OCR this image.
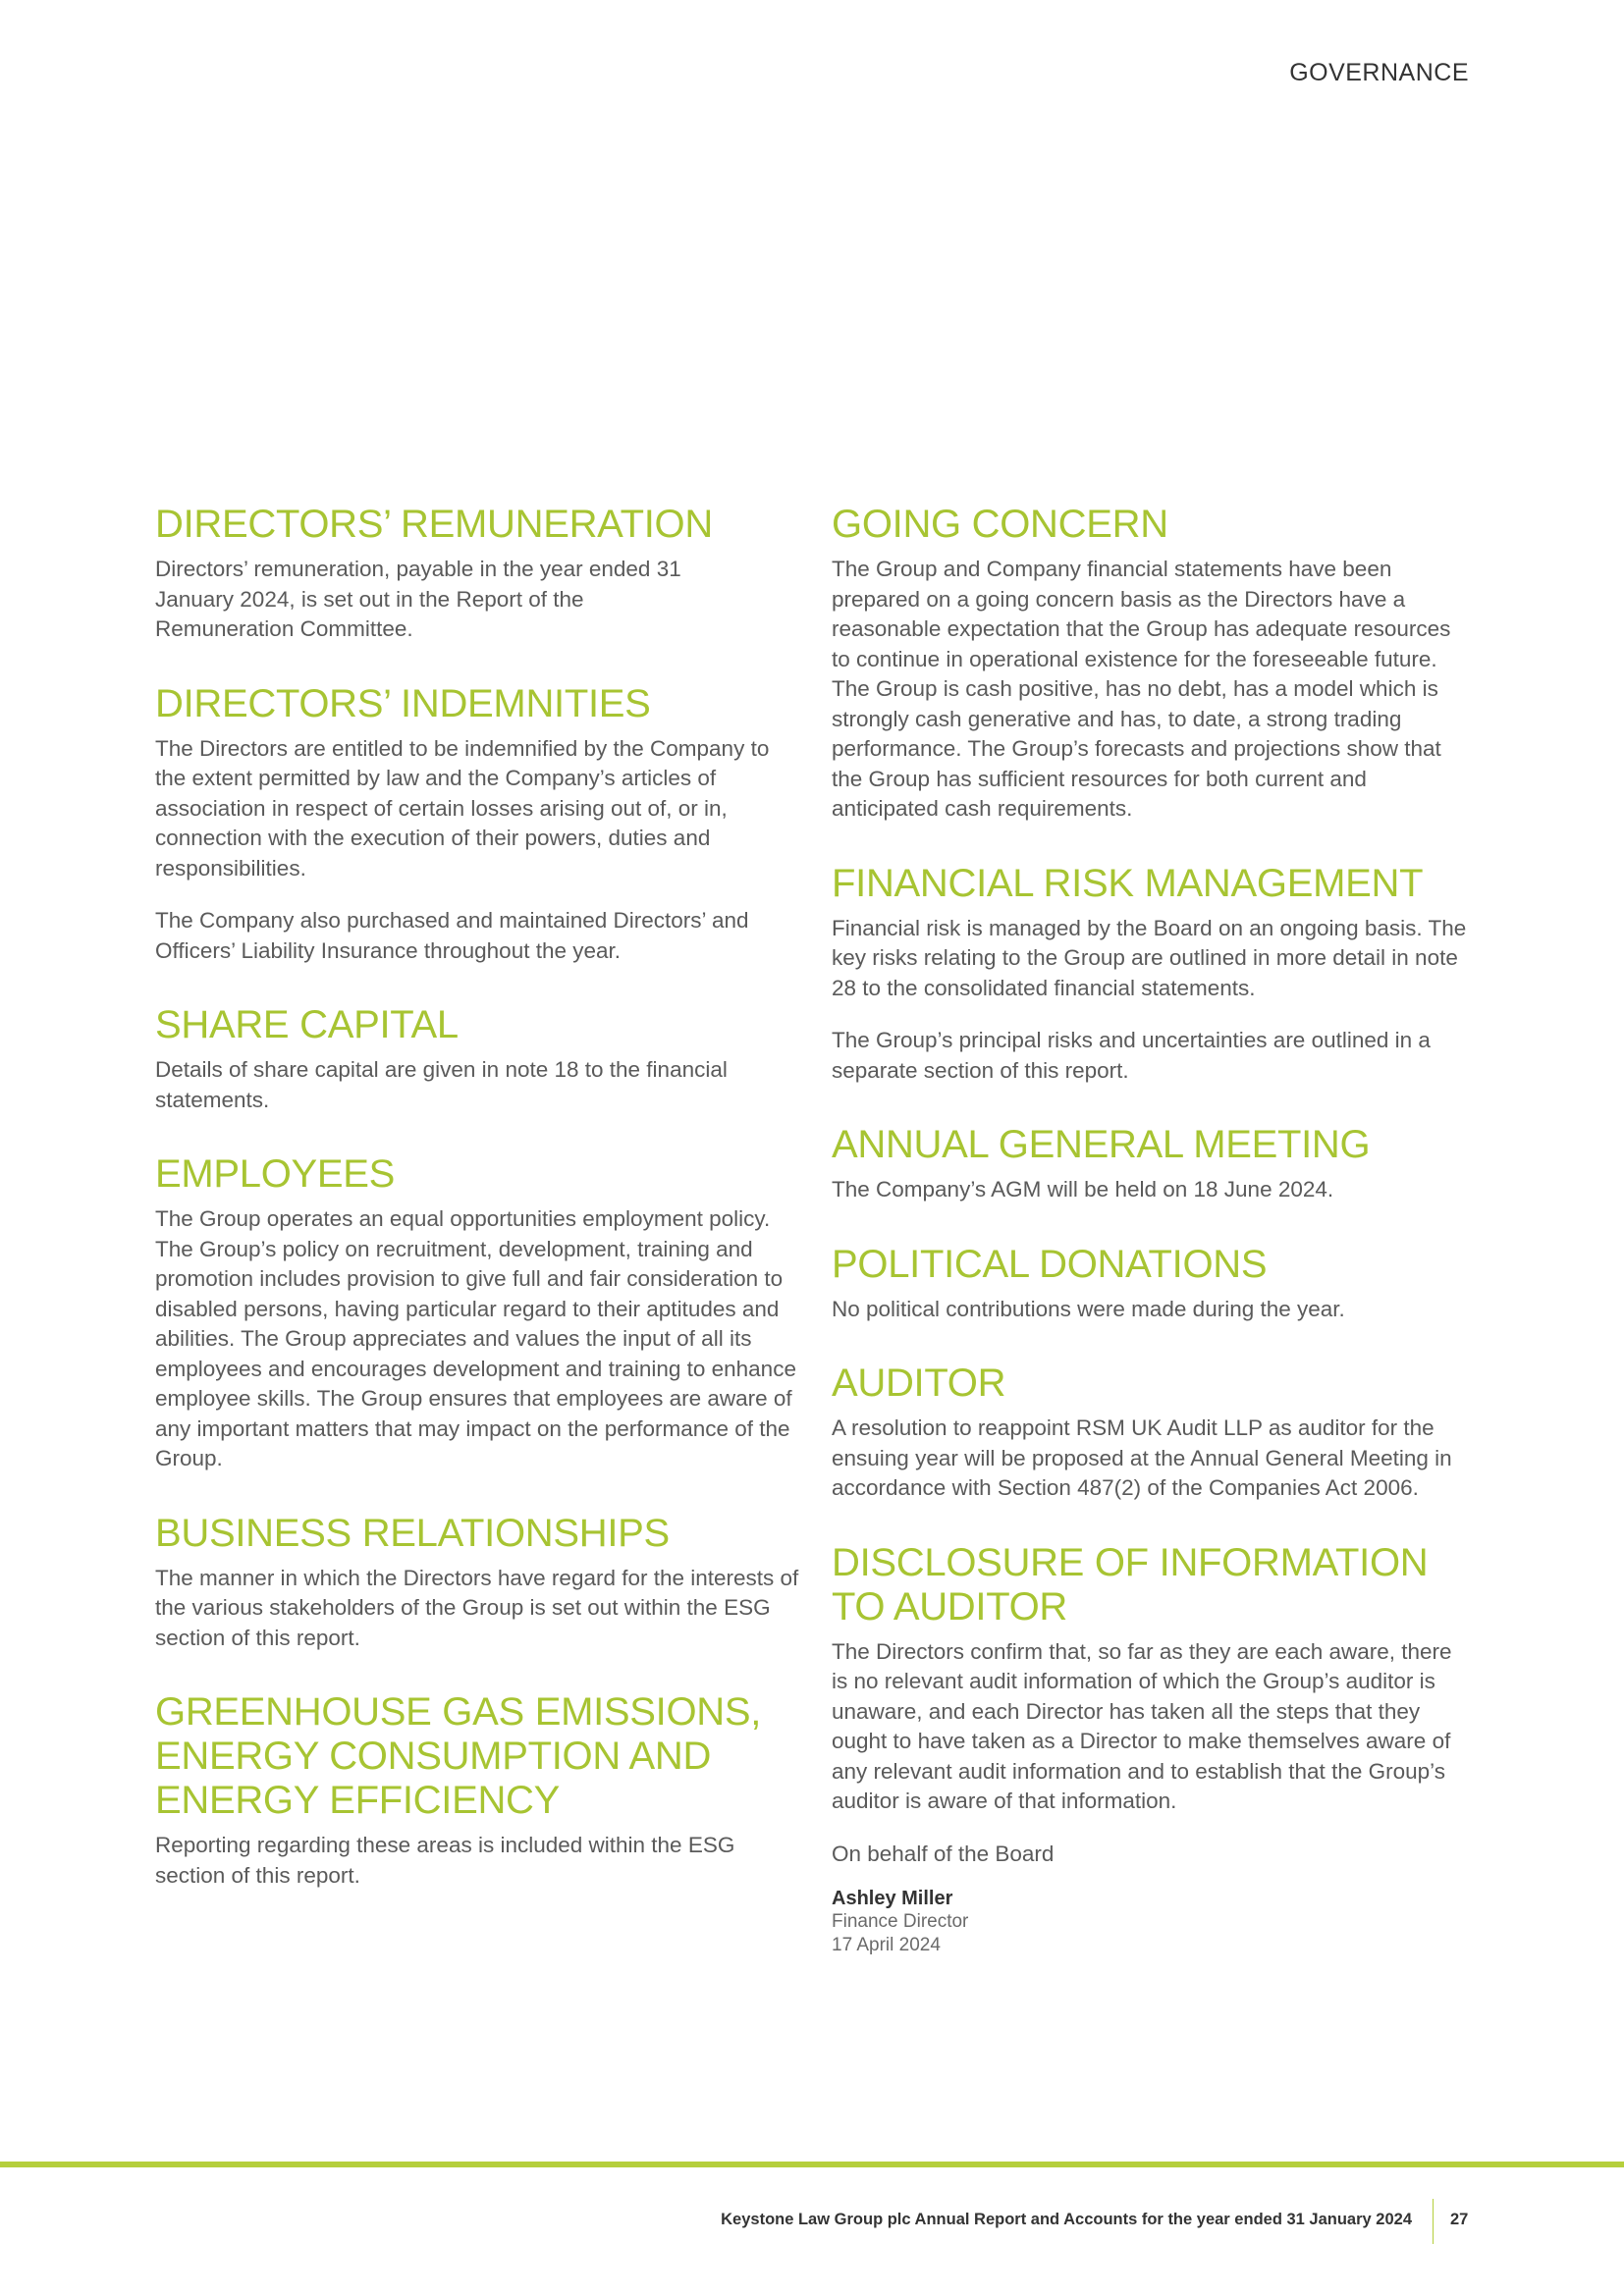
GOVERNANCE
DIRECTORS’ REMUNERATION

Directors’ remuneration, payable in the year ended 31 January 2024, is set out in the Report of the Remuneration Committee.

DIRECTORS’ INDEMNITIES

The Directors are entitled to be indemnified by the Company to the extent permitted by law and the Company’s articles of association in respect of certain losses arising out of, or in, connection with the execution of their powers, duties and responsibilities.

The Company also purchased and maintained Directors’ and Officers’ Liability Insurance throughout the year.

SHARE CAPITAL

Details of share capital are given in note 18 to the financial statements.

EMPLOYEES

The Group operates an equal opportunities employment policy. The Group’s policy on recruitment, development, training and promotion includes provision to give full and fair consideration to disabled persons, having particular regard to their aptitudes and abilities. The Group appreciates and values the input of all its employees and encourages development and training to enhance employee skills. The Group ensures that employees are aware of any important matters that may impact on the performance of the Group.

BUSINESS RELATIONSHIPS

The manner in which the Directors have regard for the interests of the various stakeholders of the Group is set out within the ESG section of this report.

GREENHOUSE GAS EMISSIONS,
ENERGY CONSUMPTION AND
ENERGY EFFICIENCY

Reporting regarding these areas is included within the ESG section of this report.

GOING CONCERN

The Group and Company financial statements have been prepared on a going concern basis as the Directors have a reasonable expectation that the Group has adequate resources to continue in operational existence for the foreseeable future. The Group is cash positive, has no debt, has a model which is strongly cash generative and has, to date, a strong trading performance. The Group’s forecasts and projections show that the Group has sufficient resources for both current and anticipated cash requirements.

FINANCIAL RISK MANAGEMENT

Financial risk is managed by the Board on an ongoing basis. The key risks relating to the Group are outlined in more detail in note 28 to the consolidated financial statements.

The Group’s principal risks and uncertainties are outlined in a separate section of this report.

ANNUAL GENERAL MEETING

The Company’s AGM will be held on 18 June 2024.

POLITICAL DONATIONS

No political contributions were made during the year.

AUDITOR

A resolution to reappoint RSM UK Audit LLP as auditor for the ensuing year will be proposed at the Annual General Meeting in accordance with Section 487(2) of the Companies Act 2006.

DISCLOSURE OF INFORMATION
TO AUDITOR

The Directors confirm that, so far as they are each aware, there is no relevant audit information of which the Group’s auditor is unaware, and each Director has taken all the steps that they ought to have taken as a Director to make themselves aware of any relevant audit information and to establish that the Group’s auditor is aware of that information.

On behalf of the Board

Ashley Miller
Finance Director
17 April 2024
Keystone Law Group plc Annual Report and Accounts for the year ended 31 January 2024 27
